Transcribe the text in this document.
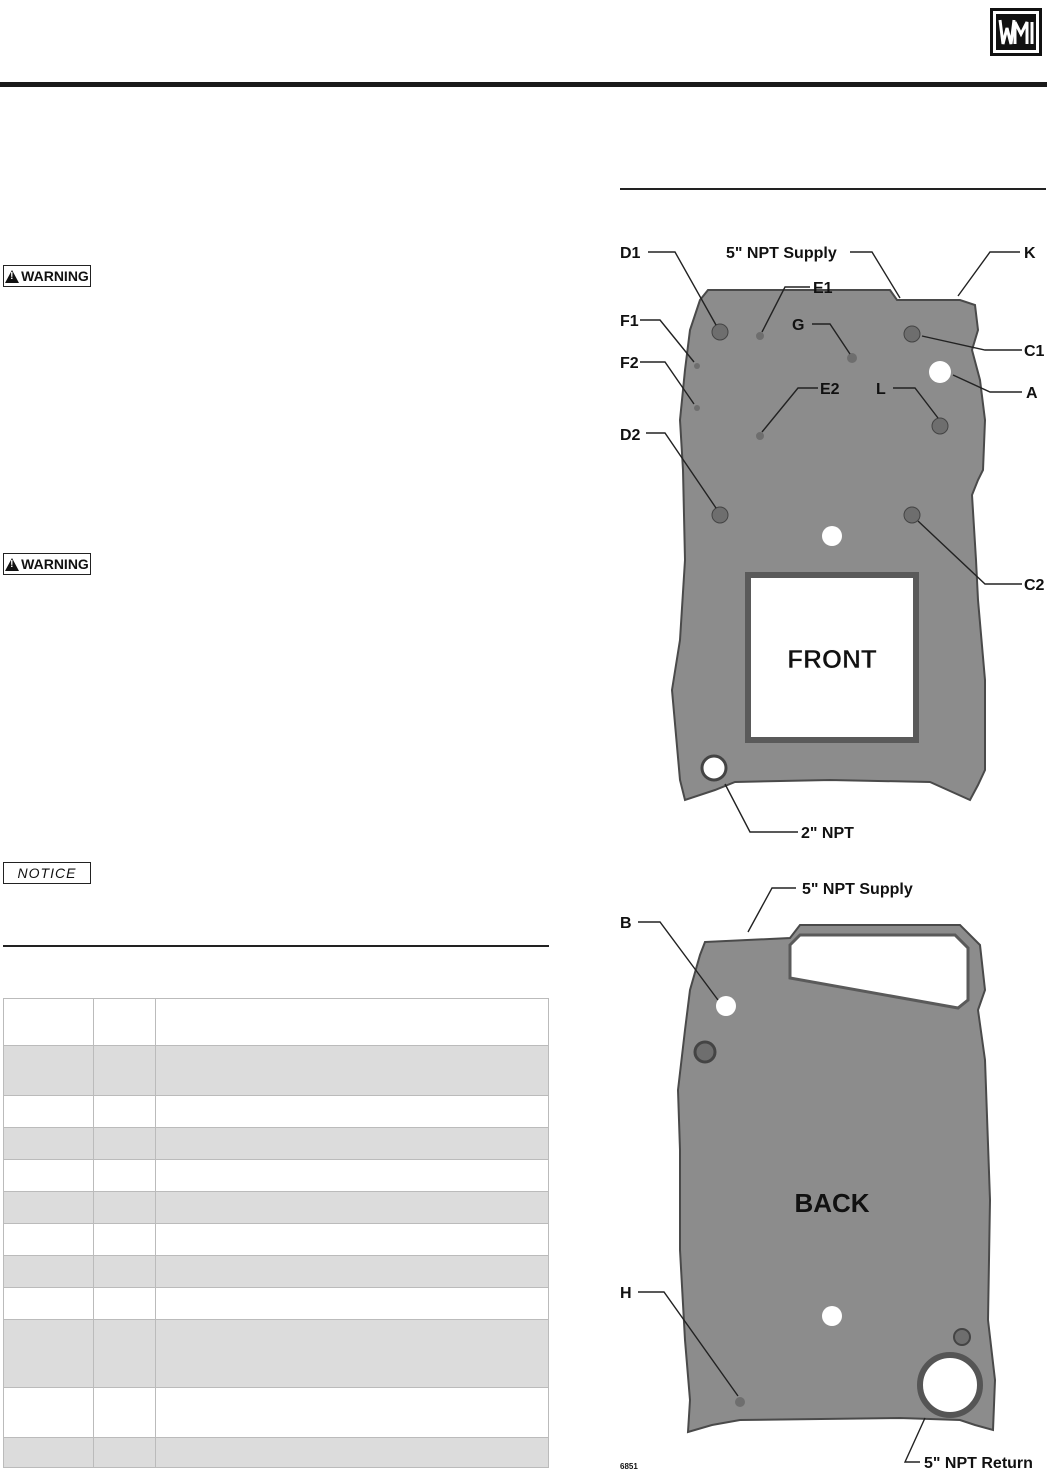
!
WARNING
!
WARNING
NOTICE

FRONT
D1	5" NPT Supply	K
E1
F1	G
C1
F2
E2 L	A
D2
C2
2" NPT
BACK
B
5" NPT Supply
H
5" NPT Return
6851
